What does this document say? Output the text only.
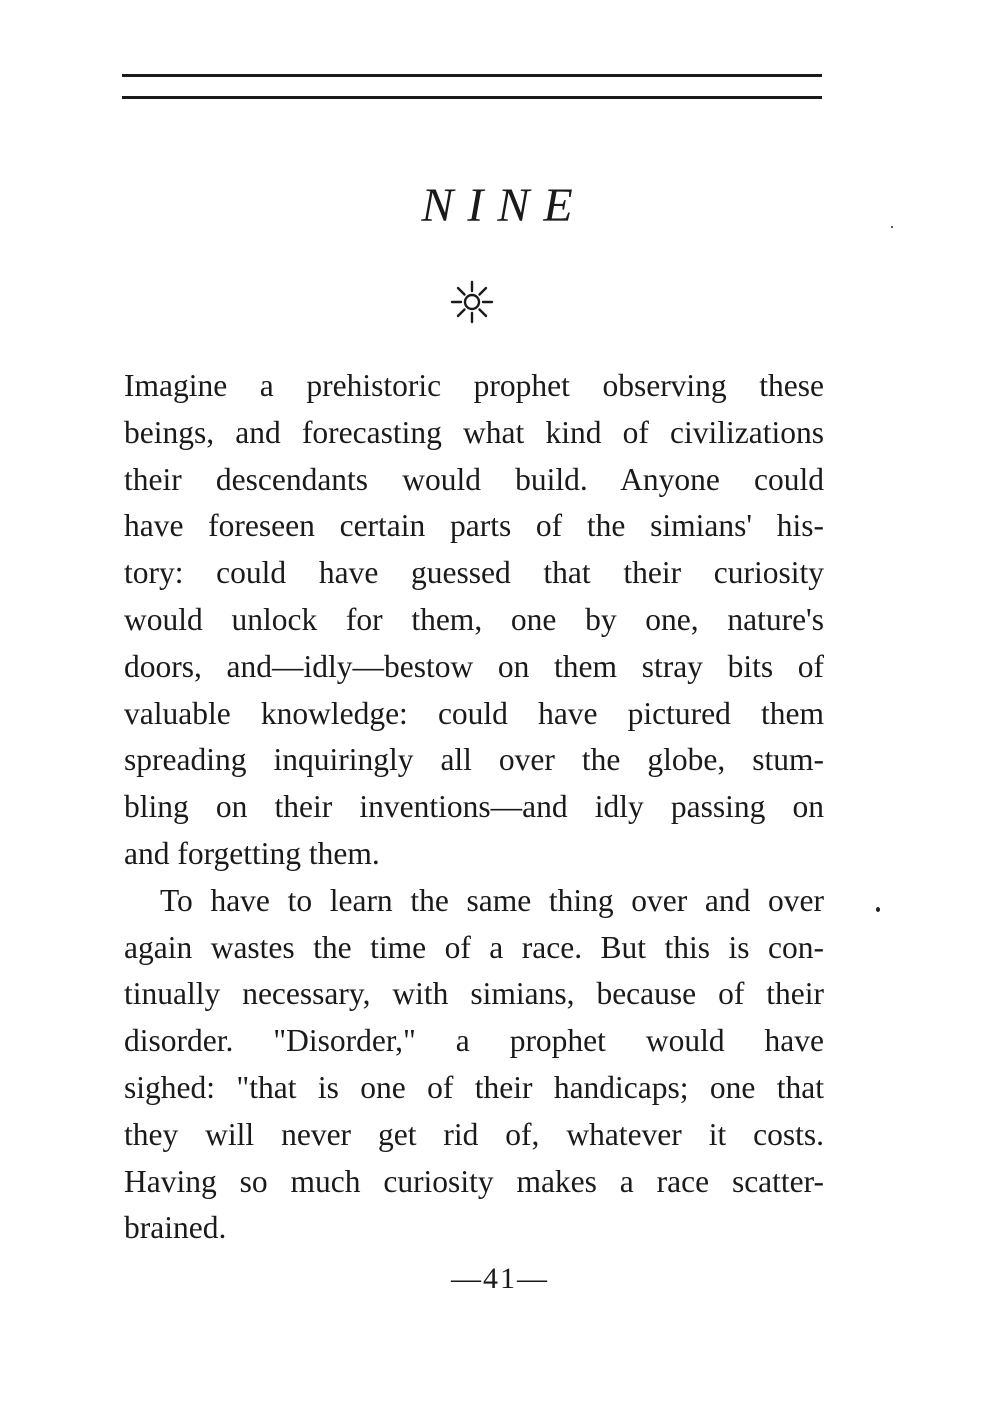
NINE

Imagine a prehistoric prophet observing these
beings, and forecasting what kind of civilizations
their descendants would build. Anyone could
have foreseen certain parts of the simians' his-
tory: could have guessed that their curiosity
would unlock for them, one by one, nature's
doors, and—idly—bestow on them stray bits of
valuable knowledge: could have pictured them
spreading inquiringly all over the globe, stum-
bling on their inventions—and idly passing on
and forgetting them.

To have to learn the same thing over and over
again wastes the time of a race. But this is con-
tinually necessary, with simians, because of their
disorder. "Disorder," a prophet would have
sighed: "that is one of their handicaps; one that
they will never get rid of, whatever it costs.
Having so much curiosity makes a race scatter-
brained.

—41—
